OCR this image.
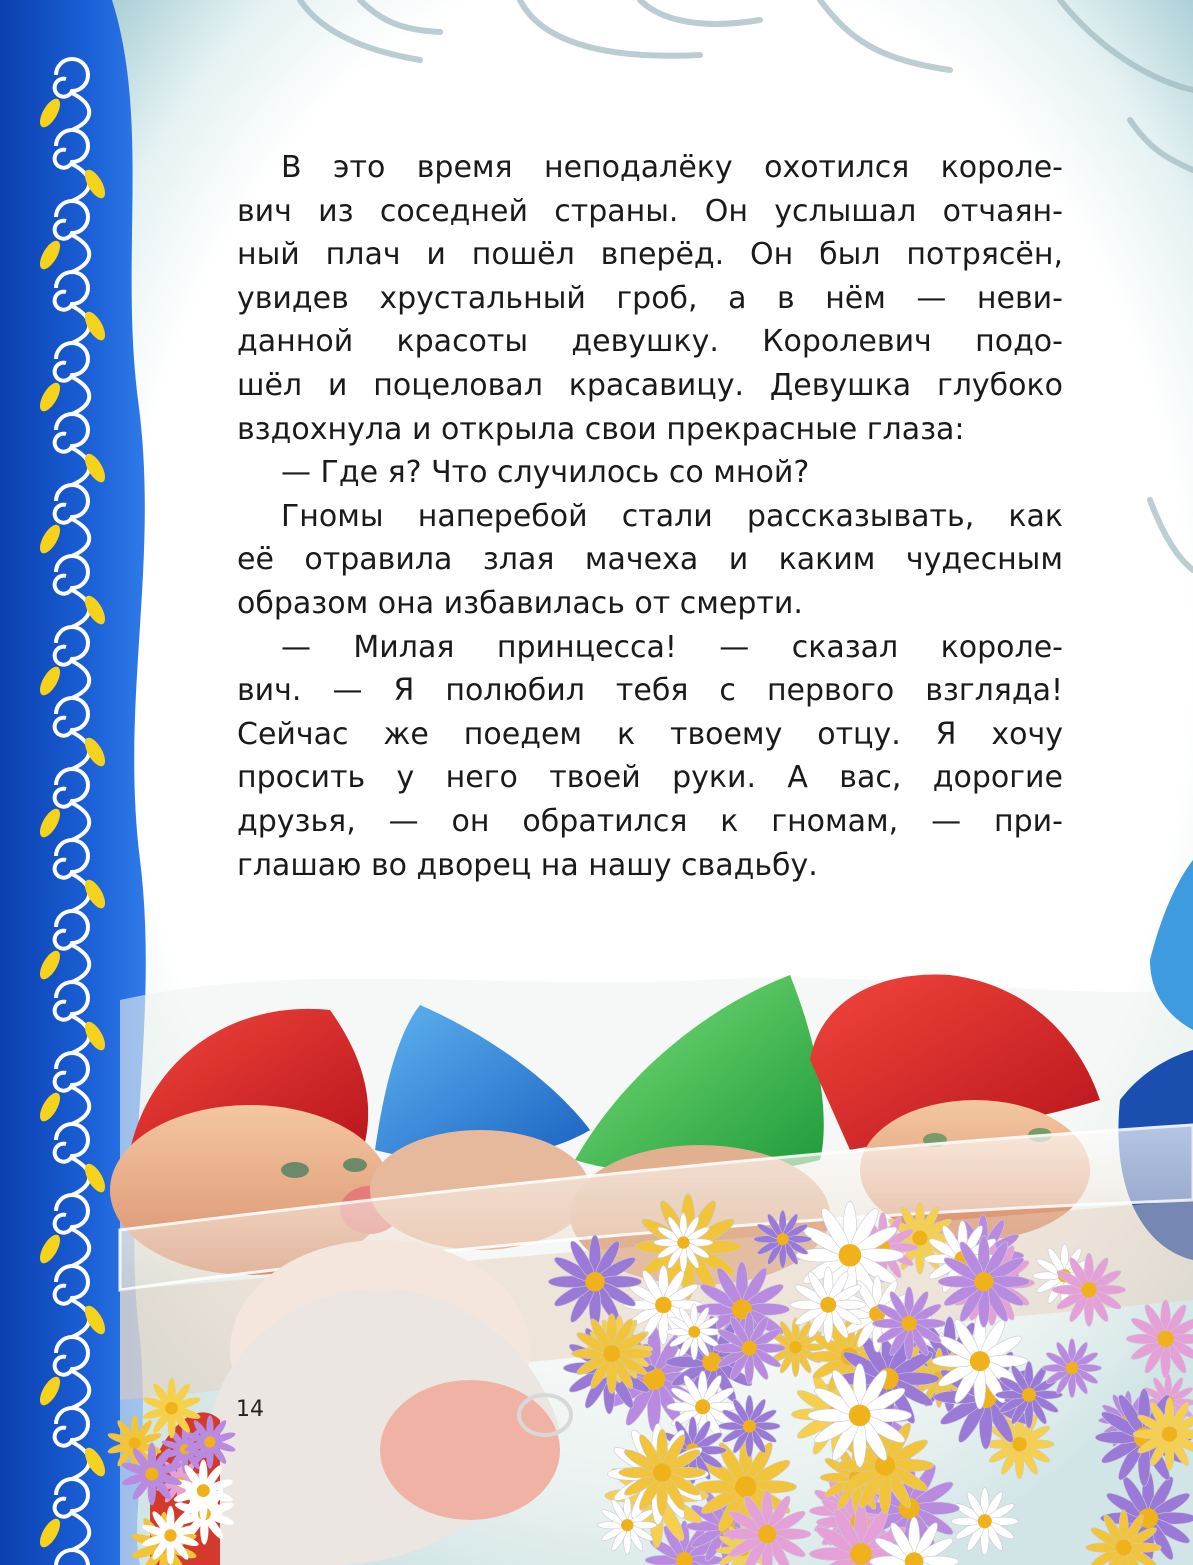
В это время неподалёку охотился короле-
вич из соседней страны. Он услышал отчаян-
ный плач и пошёл вперёд. Он был потрясён,
увидев хрустальный гроб, а в нём — неви-
данной красоты девушку. Королевич подо-
шёл и поцеловал красавицу. Девушка глубоко
вздохнула и открыла свои прекрасные глаза:
— Где я? Что случилось со мной?
Гномы наперебой стали рассказывать, как
её отравила злая мачеха и каким чудесным
образом она избавилась от смерти.
— Милая принцесса! — сказал короле-
вич. — Я полюбил тебя с первого взгляда!
Сейчас же поедем к твоему отцу. Я хочу
просить у него твоей руки. А вас, дорогие
друзья, — он обратился к гномам, — при-
глашаю во дворец на нашу свадьбу.
14
